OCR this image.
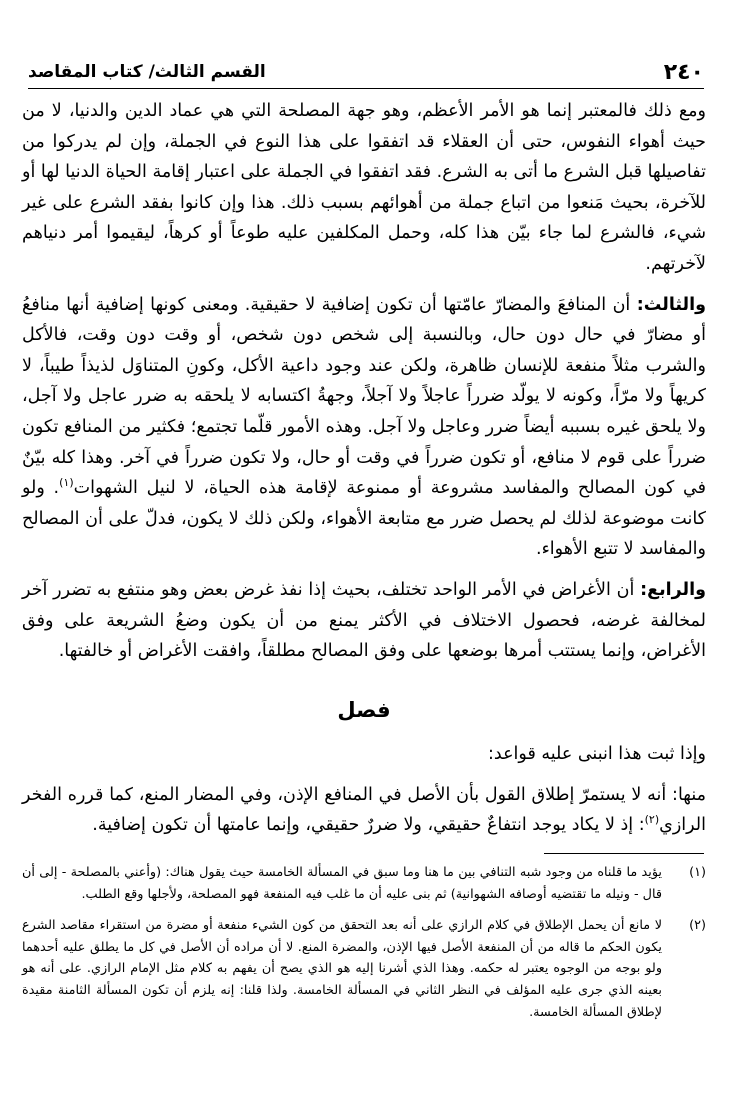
٢٤٠
القسم الثالث/ كتاب المقاصد

ومع ذلك فالمعتبر إنما هو الأمر الأعظم، وهو جهة المصلحة التي هي عماد الدين والدنيا، لا من حيث أهواء النفوس، حتى أن العقلاء قد اتفقوا على هذا النوع في الجملة، وإن لم يدركوا من تفاصيلها قبل الشرع ما أتى به الشرع. فقد اتفقوا في الجملة على اعتبار إقامة الحياة الدنيا لها أو للآخرة، بحيث مَنعوا من اتباع جملة من أهوائهم بسبب ذلك. هذا وإن كانوا بفقد الشرع على غير شيء، فالشرع لما جاء بيّن هذا كله، وحمل المكلفين عليه طوعاً أو كرهاً، ليقيموا أمر دنياهم لآخرتهم.

والثالث: أن المنافعَ والمضارّ عامّتها أن تكون إضافية لا حقيقية. ومعنى كونها إضافية أنها منافعُ أو مضارّ في حال دون حال، وبالنسبة إلى شخص دون شخص، أو وقت دون وقت، فالأكل والشرب مثلاً منفعة للإنسان ظاهرة، ولكن عند وجود داعية الأكل، وكونِ المتناوَل لذيذاً طيباً، لا كريهاً ولا مرّاً، وكونه لا يولّد ضرراً عاجلاً ولا آجلاً، وجهةُ اكتسابه لا يلحقه به ضرر عاجل ولا آجل، ولا يلحق غيره بسببه أيضاً ضرر وعاجل ولا آجل. وهذه الأمور قلّما تجتمع؛ فكثير من المنافع تكون ضرراً على قوم لا منافع، أو تكون ضرراً في وقت أو حال، ولا تكون ضرراً في آخر. وهذا كله بيّنٌ في كون المصالح والمفاسد مشروعة أو ممنوعة لإقامة هذه الحياة، لا لنيل الشهوات$^{(١)}$. ولو كانت موضوعة لذلك لم يحصل ضرر مع متابعة الأهواء، ولكن ذلك لا يكون، فدلّ على أن المصالح والمفاسد لا تتبع الأهواء.

والرابع: أن الأغراض في الأمر الواحد تختلف، بحيث إذا نفذ غرض بعض وهو منتفع به تضرر آخر لمخالفة غرضه، فحصول الاختلاف في الأكثر يمنع من أن يكون وضعُ الشريعة على وفق الأغراض، وإنما يستتب أمرها بوضعها على وفق المصالح مطلقاً، وافقت الأغراض أو خالفتها.

فصل

وإذا ثبت هذا انبنى عليه قواعد:

منها: أنه لا يستمرّ إطلاق القول بأن الأصل في المنافع الإذن، وفي المضار المنع، كما قرره الفخر الرازي$^{(٢)}$: إذ لا يكاد يوجد انتفاعٌ حقيقي، ولا ضررٌ حقيقي، وإنما عامتها أن تكون إضافية.

(١)
يؤيد ما قلناه من وجود شبه التنافي بين ما هنا وما سبق في المسألة الخامسة حيث يقول هناك: (وأعني بالمصلحة - إلى أن قال - ونيله ما تقتضيه أوصافه الشهوانية) ثم بنى عليه أن ما غلب فيه المنفعة فهو المصلحة، ولأجلها وقع الطلب.
(٢)
لا مانع أن يحمل الإطلاق في كلام الرازي على أنه بعد التحقق من كون الشيء منفعة أو مضرة من استقراء مقاصد الشرع يكون الحكم ما قاله من أن المنفعة الأصل فيها الإذن، والمضرة المنع. لا أن مراده أن الأصل في كل ما يطلق عليه أحدهما ولو بوجه من الوجوه يعتبر له حكمه. وهذا الذي أشرنا إليه هو الذي يصح أن يفهم به كلام مثل الإمام الرازي. على أنه هو بعينه الذي جرى عليه المؤلف في النظر الثاني في المسألة الخامسة. ولذا قلنا: إنه يلزم أن تكون المسألة الثامنة مقيدة لإطلاق المسألة الخامسة.
